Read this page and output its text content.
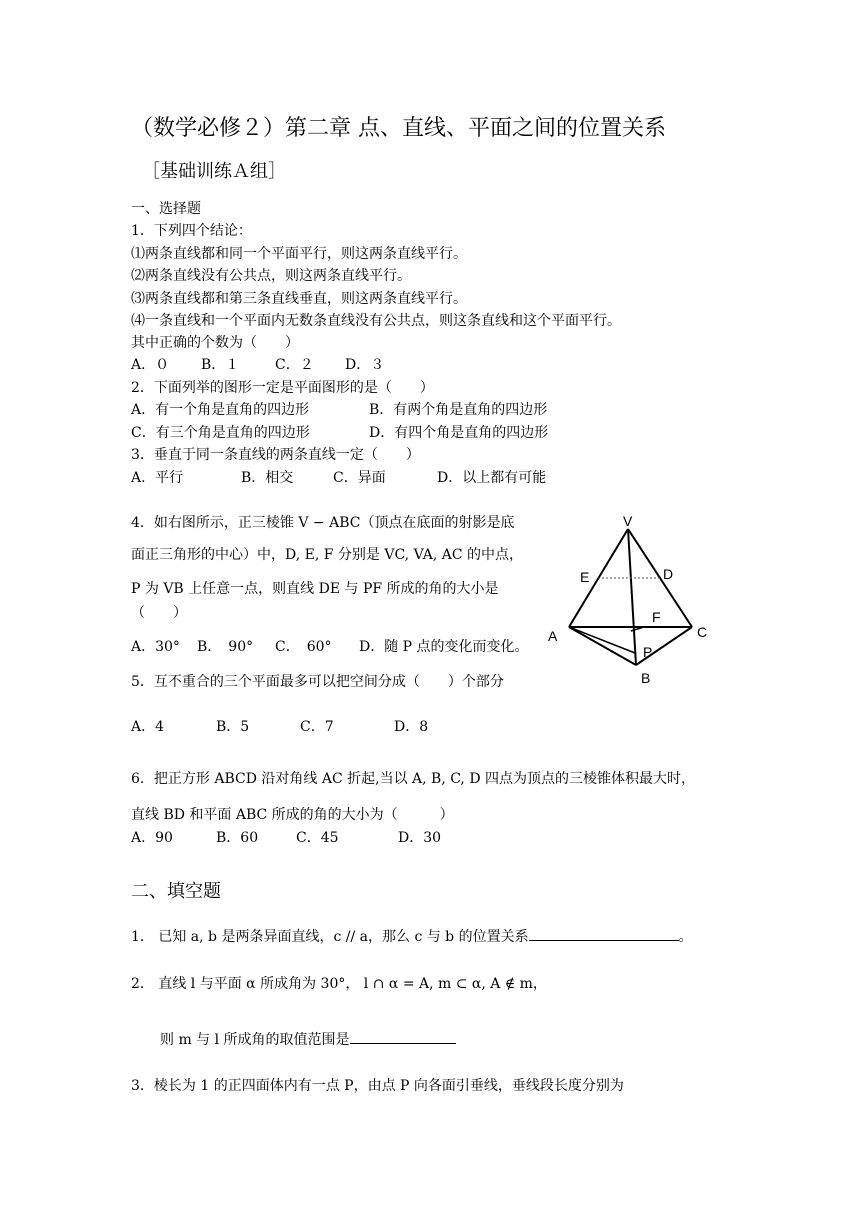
（数学必修２）第二章 点、直线、平面之间的位置关系
［基础训练Ａ组］
一、选择题
1．下列四个结论：
⑴两条直线都和同一个平面平行，则这两条直线平行。
⑵两条直线没有公共点，则这两条直线平行。
⑶两条直线都和第三条直线垂直，则这两条直线平行。
⑷一条直线和一个平面内无数条直线没有公共点，则这条直线和这个平面平行。
其中正确的个数为（　　）
A．０ B．１	C．２ D．３
2．下面列举的图形一定是平面图形的是（　　）
A．有一个角是直角的四边形	B．有两个角是直角的四边形
C．有三个角是直角的四边形	D．有四个角是直角的四边形
3．垂直于同一条直线的两条直线一定（　　）
A．平行	B．相交	C．异面	D．以上都有可能
4．如右图所示，正三棱锥 V − ABC（顶点在底面的射影是底
面正三角形的中心）中，D, E, F 分别是 VC, VA, AC 的中点，
P 为 VB 上任意一点，则直线 DE 与 PF 所成的角的大小是
（　　）
A．30° B．　90° C．　60° D．随 P 点的变化而变化。
5．互不重合的三个平面最多可以把空间分成（　　）个部分
A．4	B．5	C．7	D．8
6．把正方形 ABCD 沿对角线 AC 折起,当以 A, B, C, D 四点为顶点的三棱锥体积最大时，
直线 BD 和平面 ABC 所成的角的大小为（　　　）
A．90	B．60	C．45	D．30
二、填空题
1． 已知 a, b 是两条异面直线，c // a，那么 c 与 b 的位置关系	。
2． 直线 l 与平面 α 所成角为 30°， l ∩ α = A, m ⊂ α, A ∉ m，
则 m 与 l 所成角的取值范围是
3．棱长为 1 的正四面体内有一点 P，由点 P 向各面引垂线，垂线段长度分别为
V
E	D
F
A	C
P
B
